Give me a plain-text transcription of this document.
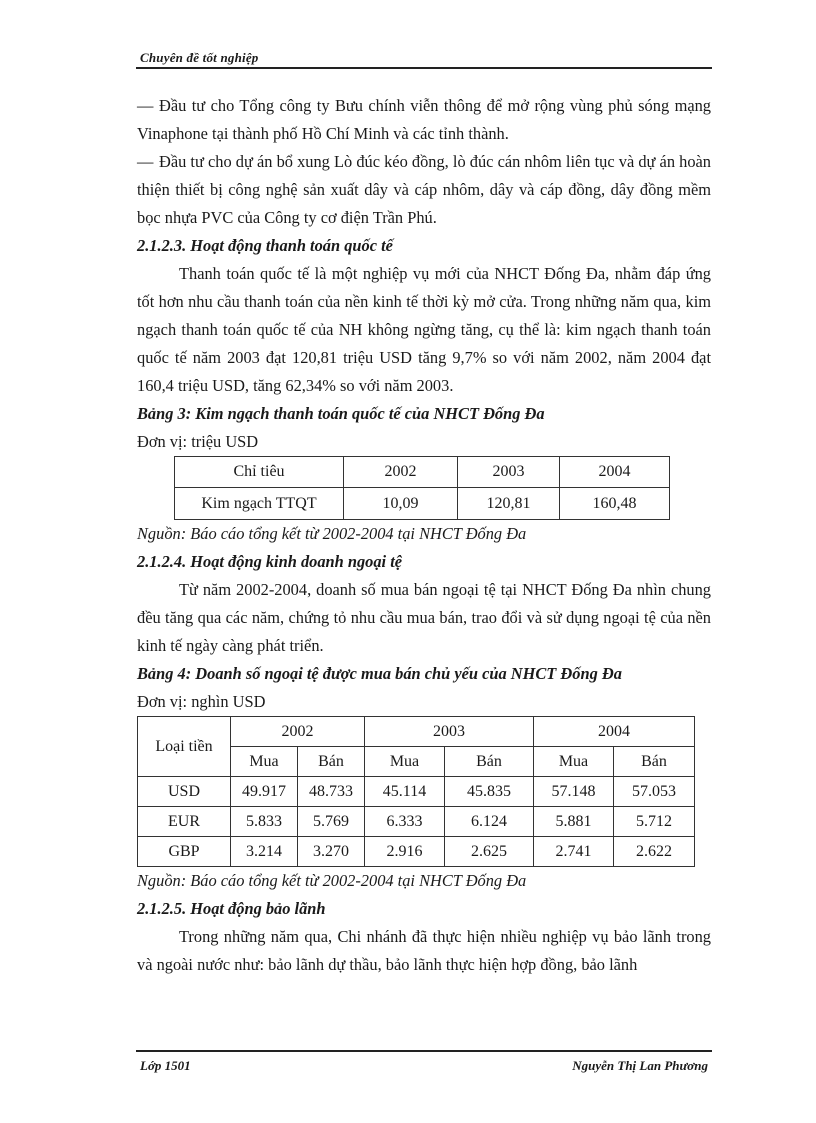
Chuyên đề tốt nghiệp

— Đầu tư cho Tổng công ty Bưu chính viễn thông để mở rộng vùng phủ sóng mạng Vinaphone tại thành phố Hồ Chí Minh và các tỉnh thành.

— Đầu tư cho dự án bổ xung Lò đúc kéo đồng, lò đúc cán nhôm liên tục và dự án hoàn thiện thiết bị công nghệ sản xuất dây và cáp nhôm, dây và cáp đồng, dây đồng mềm bọc nhựa PVC của Công ty cơ điện Trần Phú.

2.1.2.3. Hoạt động thanh toán quốc tế

Thanh toán quốc tế là một nghiệp vụ mới của NHCT Đống Đa, nhằm đáp ứng tốt hơn nhu cầu thanh toán của nền kinh tế thời kỳ mở cửa. Trong những năm qua, kim ngạch thanh toán quốc tế của NH không ngừng tăng, cụ thể là: kim ngạch thanh toán quốc tế năm 2003 đạt 120,81 triệu USD tăng 9,7% so với năm 2002, năm 2004 đạt 160,4 triệu USD, tăng 62,34% so với năm 2003.

Bảng 3: Kim ngạch thanh toán quốc tế của NHCT Đống Đa

Đơn vị: triệu USD

Chỉ tiêu	2002	2003	2004
Kim ngạch TTQT	10,09	120,81	160,48

Nguồn: Báo cáo tổng kết từ 2002-2004 tại NHCT Đống Đa

2.1.2.4. Hoạt động kinh doanh ngoại tệ

Từ năm 2002-2004, doanh số mua bán ngoại tệ tại NHCT Đống Đa nhìn chung đều tăng qua các năm, chứng tỏ nhu cầu mua bán, trao đổi và sử dụng ngoại tệ của nền kinh tế ngày càng phát triển.

Bảng 4: Doanh số ngoại tệ được mua bán chủ yếu của NHCT Đống Đa

Đơn vị: nghìn USD

Loại tiền	2002		2003		2004	
	Mua	Bán	Mua	Bán	Mua	Bán
USD	49.917	48.733	45.114	45.835	57.148	57.053
EUR	5.833	5.769	6.333	6.124	5.881	5.712
GBP	3.214	3.270	2.916	2.625	2.741	2.622

Nguồn: Báo cáo tổng kết từ 2002-2004 tại NHCT Đống Đa

2.1.2.5. Hoạt động bảo lãnh

Trong những năm qua, Chi nhánh đã thực hiện nhiều nghiệp vụ bảo lãnh trong và ngoài nước như: bảo lãnh dự thầu, bảo lãnh thực hiện hợp đồng, bảo lãnh

Lớp 1501	Nguyễn Thị Lan Phương
